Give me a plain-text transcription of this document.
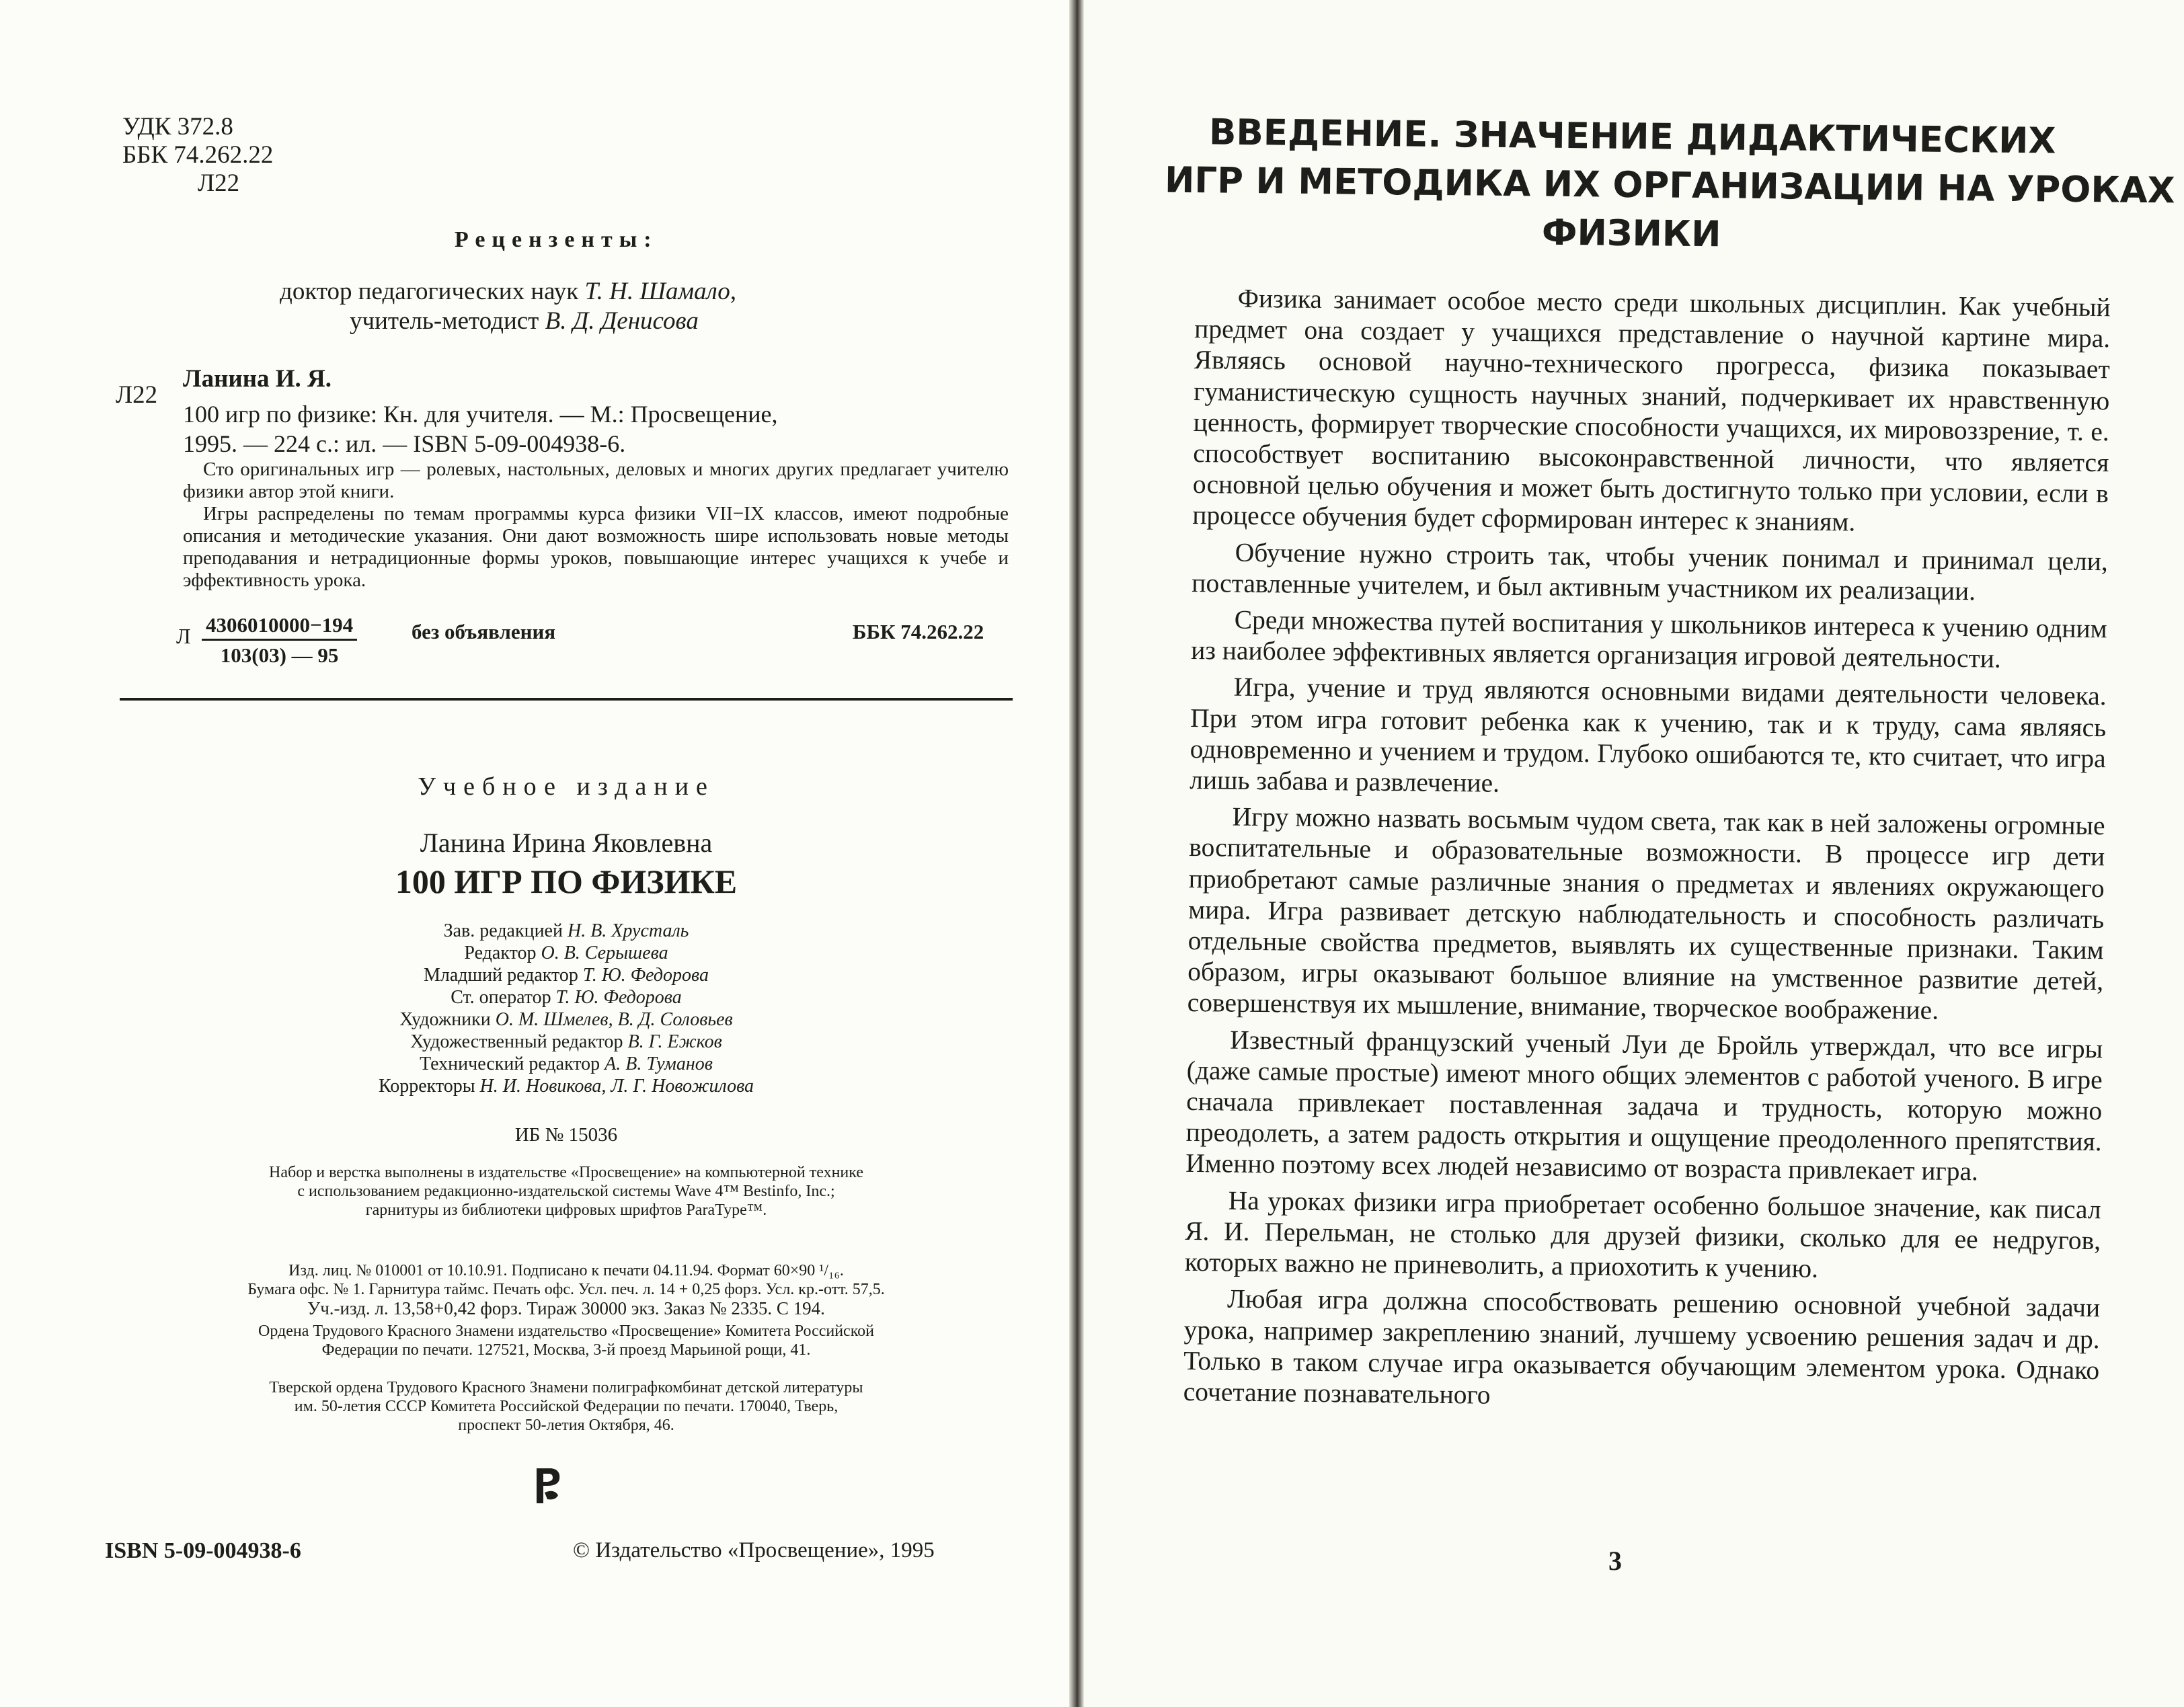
УДК 372.8
ББК 74.262.22
Л22
Рецензенты:
доктор педагогических наук Т. Н. Шамало,
учитель-методист В. Д. Денисова
Л22
Ланина И. Я.
100 игр по физике: Кн. для учителя. — М.: Просвещение,
1995. — 224 с.: ил. — ISBN 5-09-004938-6.

Сто оригинальных игр — ролевых, настольных, деловых и многих других предлагает учителю физики автор этой книги.

Игры распределены по темам программы курса физики VII−IX классов, имеют подробные описания и методические указания. Они дают возможность шире использовать новые методы преподавания и нетрадиционные формы уроков, повышающие интерес учащихся к учебе и эффективность урока.

Л $\frac{4306010000-194}{103(03) — 95}$	без объявления	ББК 74.262.22
Учебное издание
Ланина Ирина Яковлевна
100 ИГР ПО ФИЗИКЕ
Зав. редакцией Н. В. Хрусталь
Редактор О. В. Серышева
Младший редактор Т. Ю. Федорова
Ст. оператор Т. Ю. Федорова
Художники О. М. Шмелев, В. Д. Соловьев
Художественный редактор В. Г. Ежков
Технический редактор А. В. Туманов
Корректоры Н. И. Новикова, Л. Г. Новожилова
ИБ № 15036
Набор и верстка выполнены в издательстве «Просвещение» на компьютерной технике
с использованием редакционно-издательской системы Wave 4™ Bestinfo, Inc.;
гарнитуры из библиотеки цифровых шрифтов ParaType™.
Изд. лиц. № 010001 от 10.10.91. Подписано к печати 04.11.94. Формат 60×90 ¹/₁₆.
Бумага офс. № 1. Гарнитура таймс. Печать офс. Усл. печ. л. 14 + 0,25 форз. Усл. кр.-отт. 57,5.
Уч.-изд. л. 13,58+0,42 форз. Тираж 30000 экз. Заказ № 2335. С 194.
Ордена Трудового Красного Знамени издательство «Просвещение» Комитета Российской
Федерации по печати. 127521, Москва, 3-й проезд Марьиной рощи, 41.
Тверской ордена Трудового Красного Знамени полиграфкомбинат детской литературы
им. 50-летия СССР Комитета Российской Федерации по печати. 170040, Тверь,
проспект 50-летия Октября, 46.
ISBN 5-09-004938-6	© Издательство «Просвещение», 1995
ВВЕДЕНИЕ. ЗНАЧЕНИЕ ДИДАКТИЧЕСКИХ
ИГР И МЕТОДИКА ИХ ОРГАНИЗАЦИИ НА УРОКАХ
ФИЗИКИ

Физика занимает особое место среди школьных дисциплин. Как учебный предмет она создает у учащихся представление о научной картине мира. Являясь основой научно-технического прогресса, физика показывает гуманистическую сущность научных знаний, подчеркивает их нравственную ценность, формирует творческие способности учащихся, их мировоззрение, т. е. способствует воспитанию высоконравственной личности, что является основной целью обучения и может быть достигнуто только при условии, если в процессе обучения будет сформирован интерес к знаниям.

Обучение нужно строить так, чтобы ученик понимал и принимал цели, поставленные учителем, и был активным участником их реализации.

Среди множества путей воспитания у школьников интереса к учению одним из наиболее эффективных является организация игровой деятельности.

Игра, учение и труд являются основными видами деятельности человека. При этом игра готовит ребенка как к учению, так и к труду, сама являясь одновременно и учением и трудом. Глубоко ошибаются те, кто считает, что игра лишь забава и развлечение.

Игру можно назвать восьмым чудом света, так как в ней заложены огромные воспитательные и образовательные возможности. В процессе игр дети приобретают самые различные знания о предметах и явлениях окружающего мира. Игра развивает детскую наблюдательность и способность различать отдельные свойства предметов, выявлять их существенные признаки. Таким образом, игры оказывают большое влияние на умственное развитие детей, совершенствуя их мышление, внимание, творческое воображение.

Известный французский ученый Луи де Бройль утверждал, что все игры (даже самые простые) имеют много общих элементов с работой ученого. В игре сначала привлекает поставленная задача и трудность, которую можно преодолеть, а затем радость открытия и ощущение преодоленного препятствия. Именно поэтому всех людей независимо от возраста привлекает игра.

На уроках физики игра приобретает особенно большое значение, как писал Я. И. Перельман, не столько для друзей физики, сколько для ее недругов, которых важно не приневолить, а приохотить к учению.

Любая игра должна способствовать решению основной учебной задачи урока, например закреплению знаний, лучшему усвоению решения задач и др. Только в таком случае игра оказывается обучающим элементом урока. Однако сочетание познавательного

3
